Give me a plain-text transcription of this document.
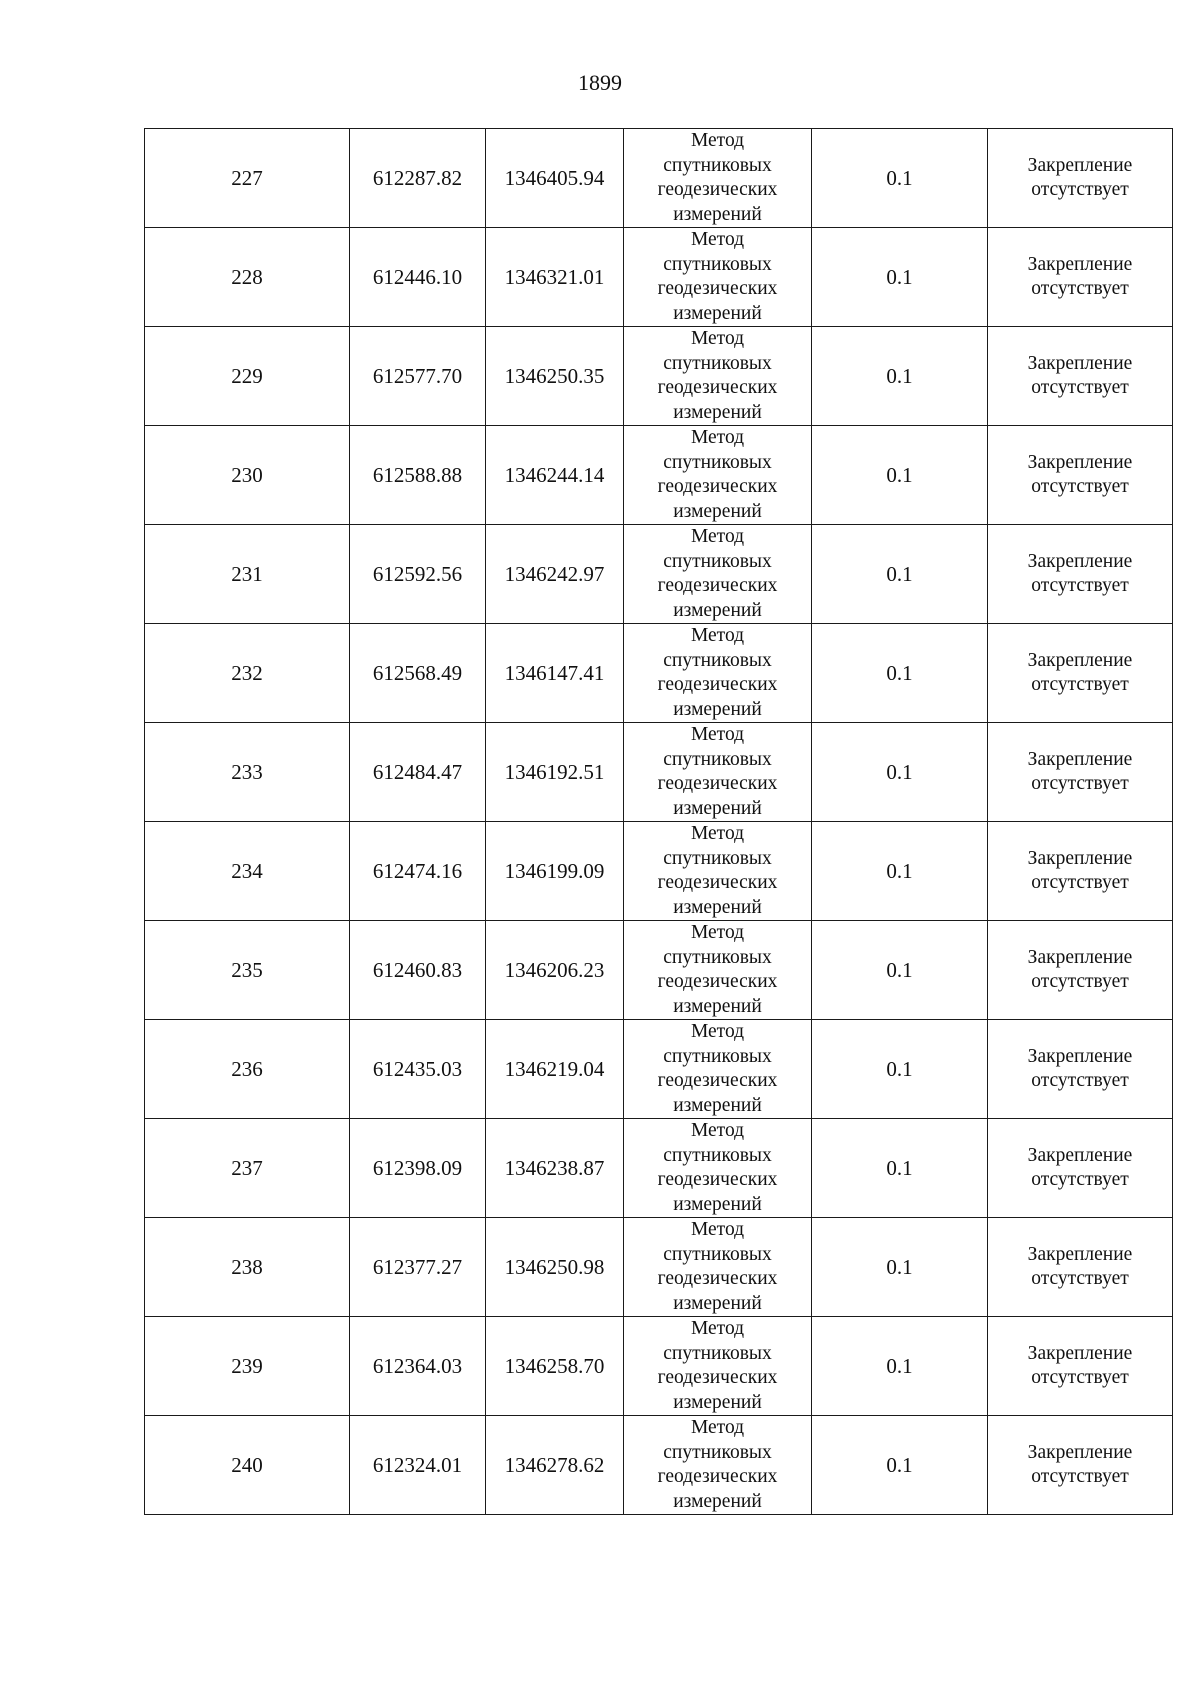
1899
227	612287.82	1346405.94	Метод
спутниковых
геодезических
измерений	0.1	Закрепление
отсутствует

228	612446.10	1346321.01	Метод
спутниковых
геодезических
измерений	0.1	Закрепление
отсутствует

229	612577.70	1346250.35	Метод
спутниковых
геодезических
измерений	0.1	Закрепление
отсутствует

230	612588.88	1346244.14	Метод
спутниковых
геодезических
измерений	0.1	Закрепление
отсутствует

231	612592.56	1346242.97	Метод
спутниковых
геодезических
измерений	0.1	Закрепление
отсутствует

232	612568.49	1346147.41	Метод
спутниковых
геодезических
измерений	0.1	Закрепление
отсутствует

233	612484.47	1346192.51	Метод
спутниковых
геодезических
измерений	0.1	Закрепление
отсутствует

234	612474.16	1346199.09	Метод
спутниковых
геодезических
измерений	0.1	Закрепление
отсутствует

235	612460.83	1346206.23	Метод
спутниковых
геодезических
измерений	0.1	Закрепление
отсутствует

236	612435.03	1346219.04	Метод
спутниковых
геодезических
измерений	0.1	Закрепление
отсутствует

237	612398.09	1346238.87	Метод
спутниковых
геодезических
измерений	0.1	Закрепление
отсутствует

238	612377.27	1346250.98	Метод
спутниковых
геодезических
измерений	0.1	Закрепление
отсутствует

239	612364.03	1346258.70	Метод
спутниковых
геодезических
измерений	0.1	Закрепление
отсутствует

240	612324.01	1346278.62	Метод
спутниковых
геодезических
измерений	0.1	Закрепление
отсутствует
